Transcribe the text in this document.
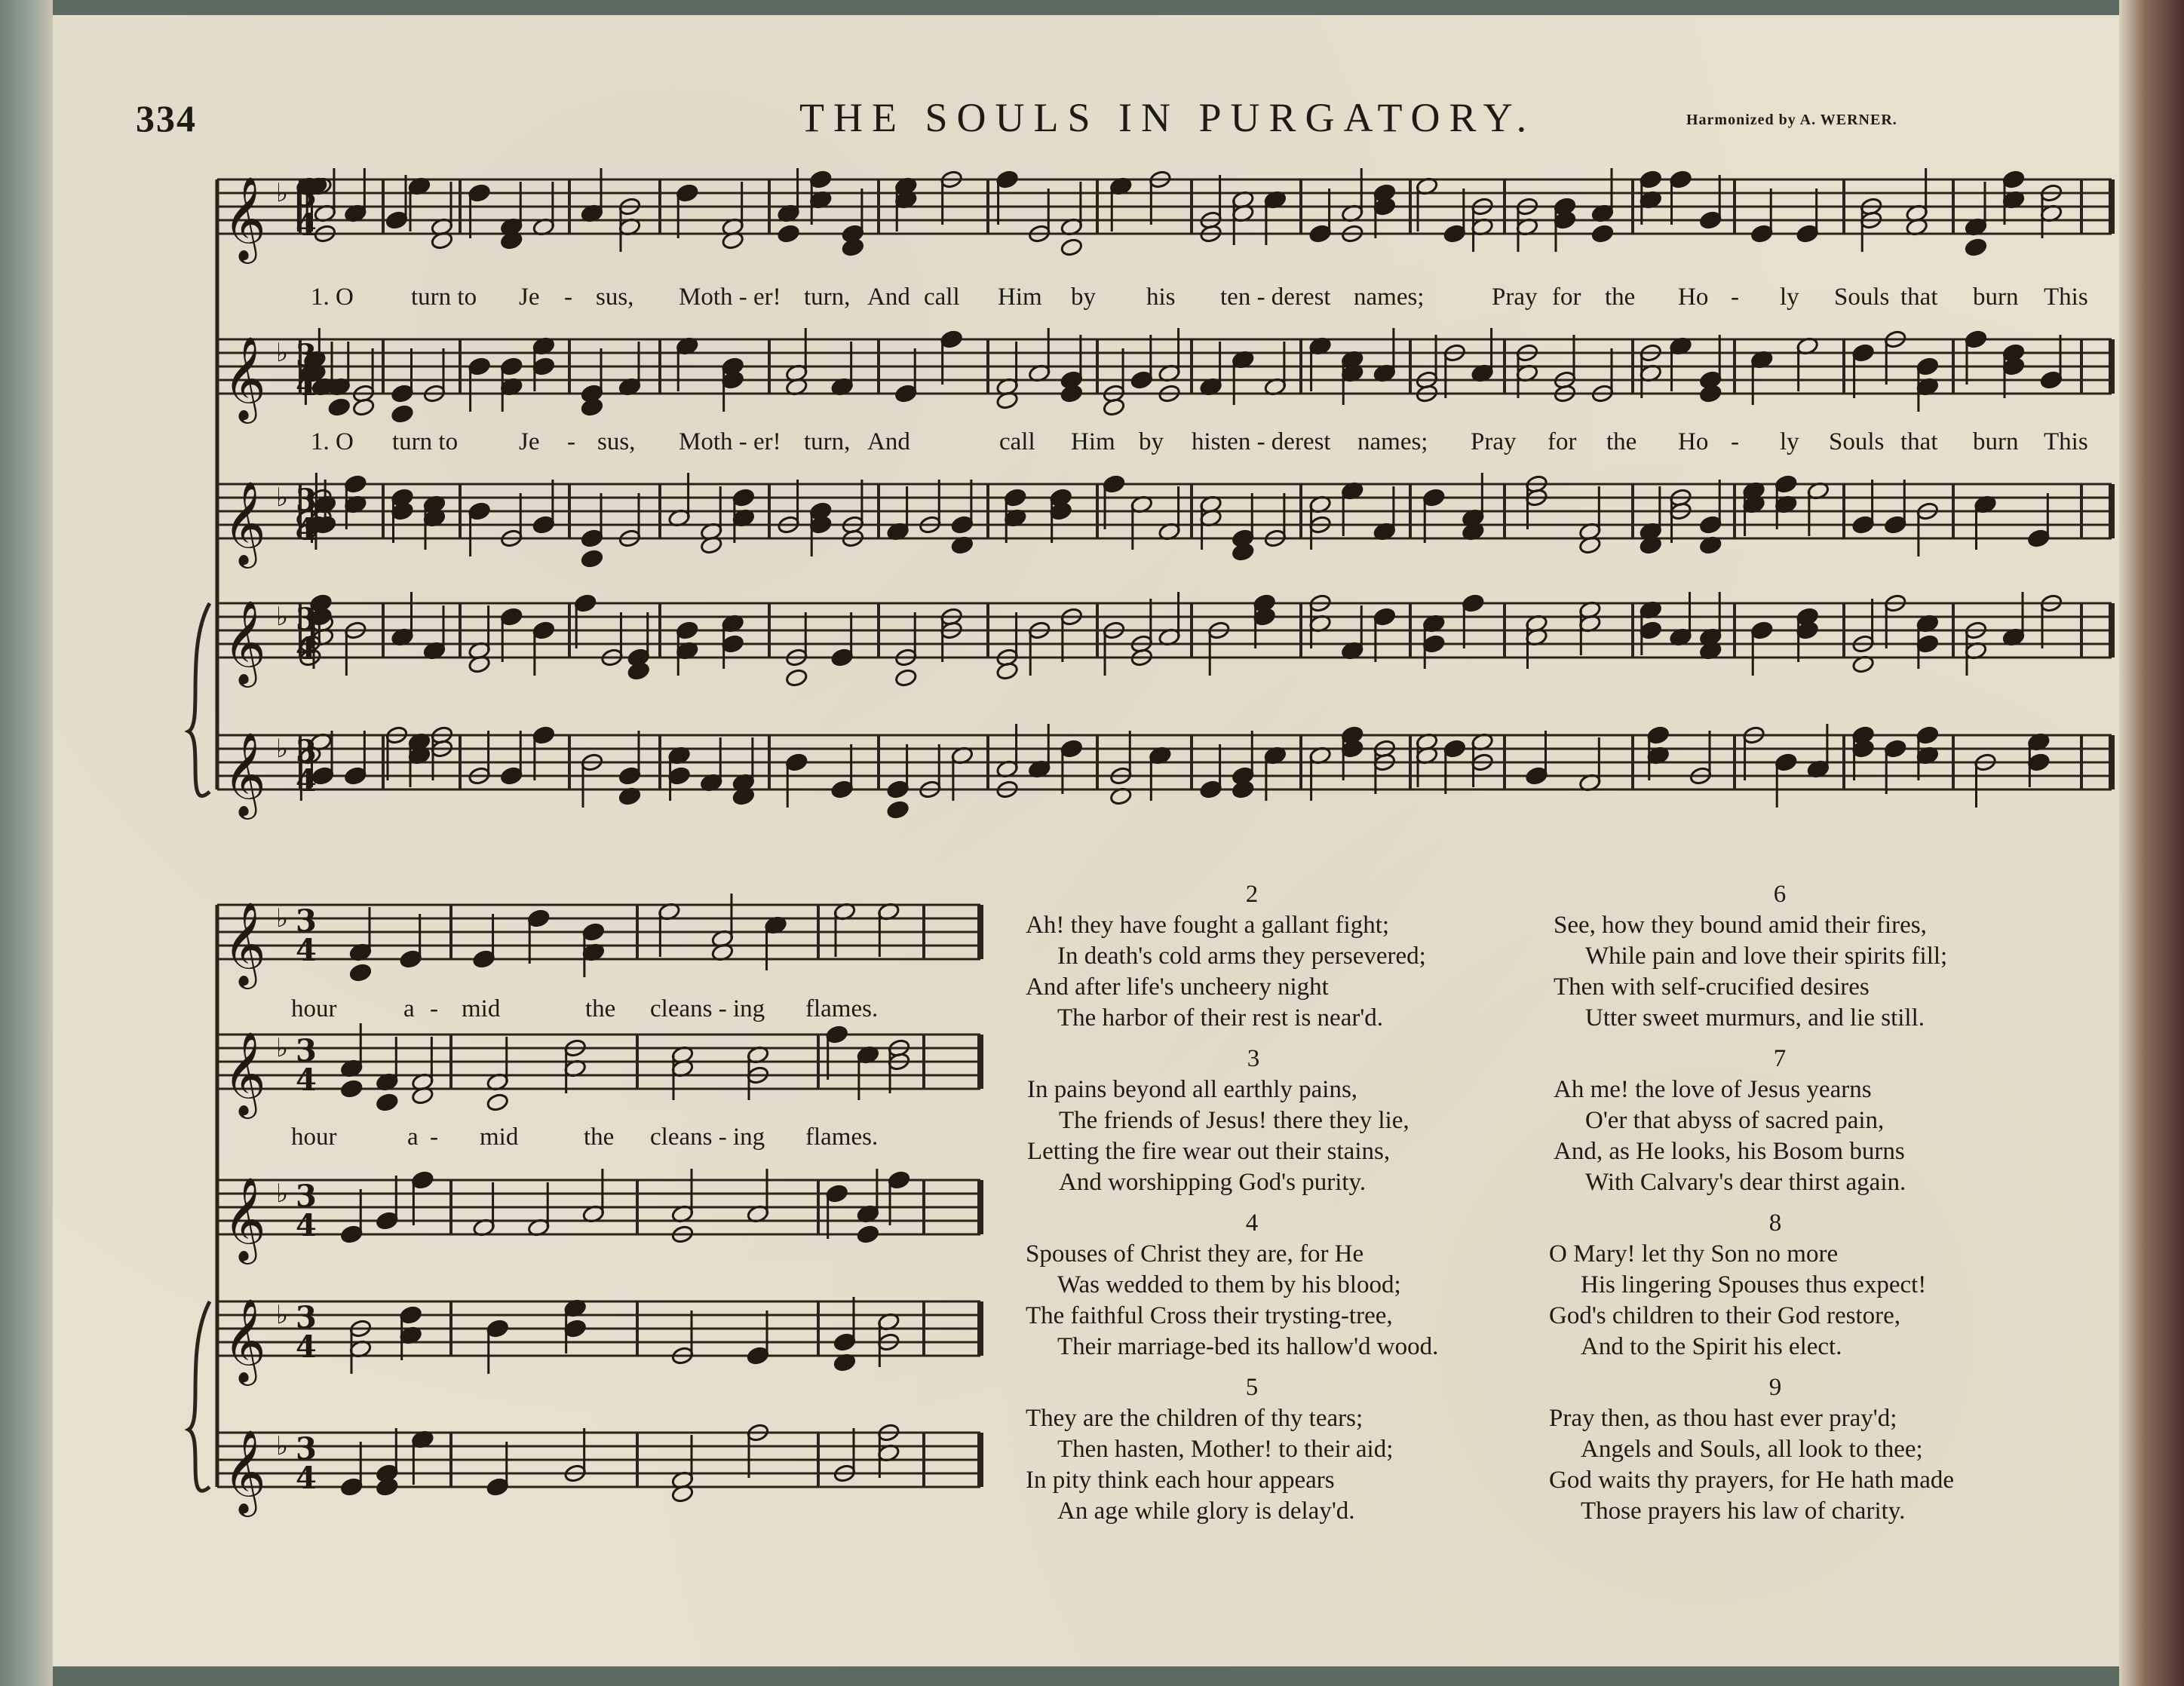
334	THE SOULS IN PURGATORY.	Harmonized by A. WERNER.
𝄞 ♭ 3
4
𝄞 ♭ 3
4
𝄞 ♭ 3
4
𝄞 ♭ 3
4
𝄞 ♭ 3
4
𝄞 ♭ 3
4
𝄞 ♭ 3
4
𝄞 ♭ 3
4
𝄞 ♭ 3
4
𝄞 ♭ 3
4
1. O turn to Je - sus, Moth - er! turn, And call Him by his ten - derest names;	Pray for the Ho - ly Souls that burn This
1. O turn to Je - sus, Moth - er! turn, And	call Him by his ten - derest names; Pray for the Ho - ly Souls that burn This
hour	a - mid	the cleans - ing flames.
hour	a - mid	the cleans - ing flames.
2
Ah! they have fought a gallant fight;
In death's cold arms they persevered;
And after life's uncheery night
The harbor of their rest is near'd.
3
In pains beyond all earthly pains,
The friends of Jesus! there they lie,
Letting the fire wear out their stains,
And worshipping God's purity.
4
Spouses of Christ they are, for He
Was wedded to them by his blood;
The faithful Cross their trysting-tree,
Their marriage-bed its hallow'd wood.
5
They are the children of thy tears;
Then hasten, Mother! to their aid;
In pity think each hour appears
An age while glory is delay'd.
6
See, how they bound amid their fires,
While pain and love their spirits fill;
Then with self-crucified desires
Utter sweet murmurs, and lie still.
7
Ah me! the love of Jesus yearns
O'er that abyss of sacred pain,
And, as He looks, his Bosom burns
With Calvary's dear thirst again.
8
O Mary! let thy Son no more
His lingering Spouses thus expect!
God's children to their God restore,
And to the Spirit his elect.
9
Pray then, as thou hast ever pray'd;
Angels and Souls, all look to thee;
God waits thy prayers, for He hath made
Those prayers his law of charity.
